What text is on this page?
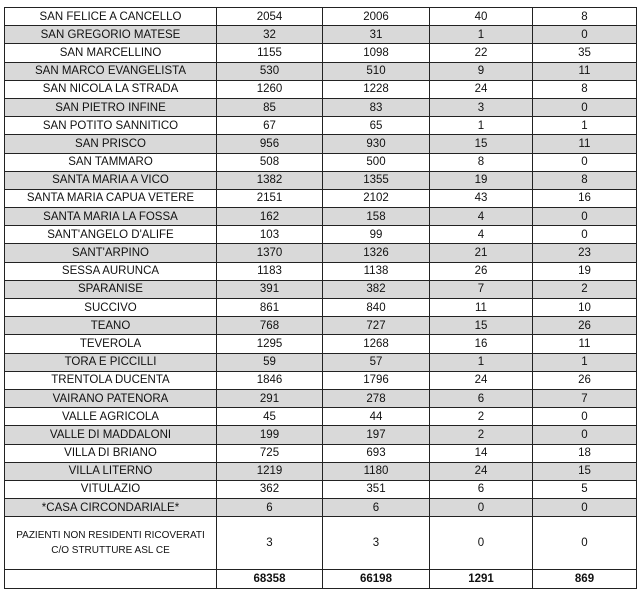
SAN FELICE A CANCELLO	2054	2006	40	8
SAN GREGORIO MATESE	32	31	1	0
SAN MARCELLINO	1155	1098	22	35
SAN MARCO EVANGELISTA	530	510	9	11
SAN NICOLA LA STRADA	1260	1228	24	8
SAN PIETRO INFINE	85	83	3	0
SAN POTITO SANNITICO	67	65	1	1
SAN PRISCO	956	930	15	11
SAN TAMMARO	508	500	8	0
SANTA MARIA A VICO	1382	1355	19	8
SANTA MARIA CAPUA VETERE	2151	2102	43	16
SANTA MARIA LA FOSSA	162	158	4	0
SANT'ANGELO D'ALIFE	103	99	4	0
SANT'ARPINO	1370	1326	21	23
SESSA AURUNCA	1183	1138	26	19
SPARANISE	391	382	7	2
SUCCIVO	861	840	11	10
TEANO	768	727	15	26
TEVEROLA	1295	1268	16	11
TORA E PICCILLI	59	57	1	1
TRENTOLA DUCENTA	1846	1796	24	26
VAIRANO PATENORA	291	278	6	7
VALLE AGRICOLA	45	44	2	0
VALLE DI MADDALONI	199	197	2	0
VILLA DI BRIANO	725	693	14	18
VILLA LITERNO	1219	1180	24	15
VITULAZIO	362	351	6	5
*CASA CIRCONDARIALE*	6	6	0	0
PAZIENTI NON RESIDENTI RICOVERATI C/O STRUTTURE ASL CE	3	3	0	0
	68358	66198	1291	869
